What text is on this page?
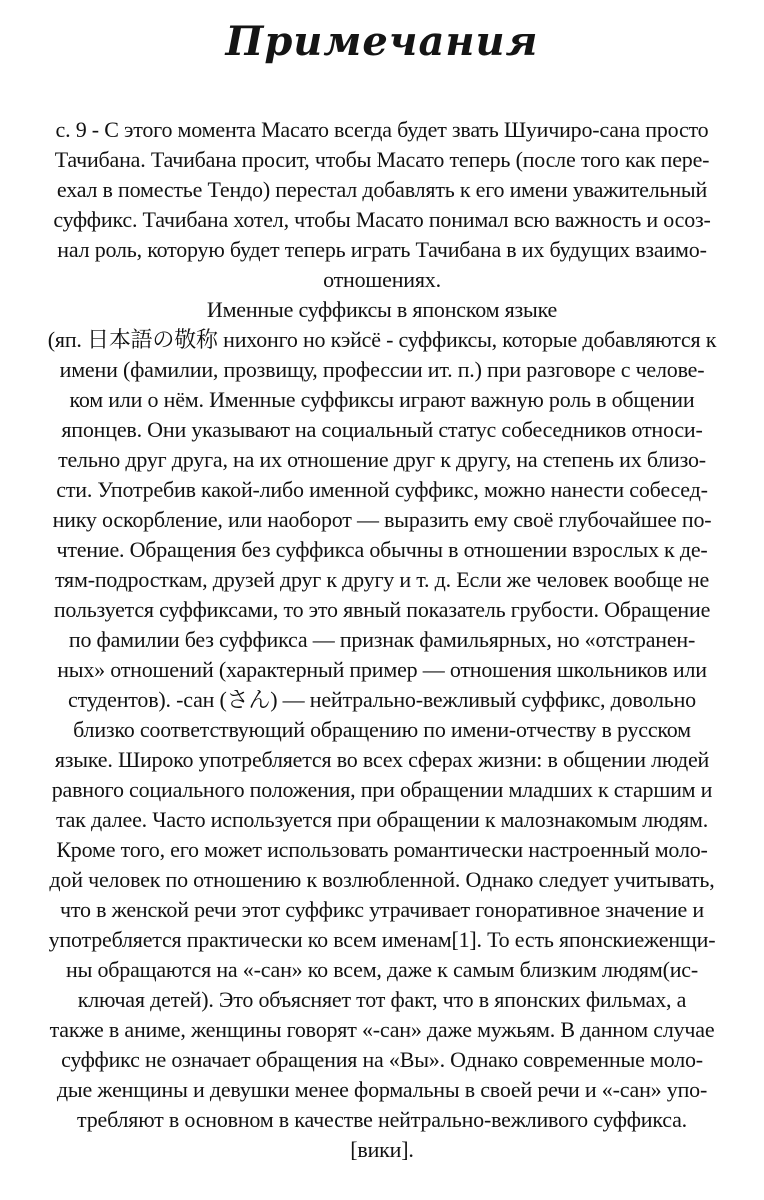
Примечания
с. 9 - С этого момента Масато всегда будет звать Шуичиро-сана просто
Тачибана. Тачибана просит, чтобы Масато теперь (после того как пере-
ехал в поместье Тендо) перестал добавлять к его имени уважительный
суффикс. Тачибана хотел, чтобы Масато понимал всю важность и осоз-
нал роль, которую будет теперь играть Тачибана в их будущих взаимо-
отношениях.
Именные суффиксы в японском языке
(яп. 日本語の敬称 нихонго но кэйсё - суффиксы, которые добавляются к
имени (фамилии, прозвищу, профессии ит. п.) при разговоре с челове-
ком или о нём. Именные суффиксы играют важную роль в общении
японцев. Они указывают на социальный статус собеседников относи-
тельно друг друга, на их отношение друг к другу, на степень их близо-
сти. Употребив какой-либо именной суффикс, можно нанести собесед-
нику оскорбление, или наоборот — выразить ему своё глубочайшее по-
чтение. Обращения без суффикса обычны в отношении взрослых к де-
тям-подросткам, друзей друг к другу и т. д. Если же человек вообще не
пользуется суффиксами, то это явный показатель грубости. Обращение
по фамилии без суффикса — признак фамильярных, но «отстранен-
ных» отношений (характерный пример — отношения школьников или
студентов). -сан (さん) — нейтрально-вежливый суффикс, довольно
близко соответствующий обращению по имени-отчеству в русском
языке. Широко употребляется во всех сферах жизни: в общении людей
равного социального положения, при обращении младших к старшим и
так далее. Часто используется при обращении к малознакомым людям.
Кроме того, его может использовать романтически настроенный моло-
дой человек по отношению к возлюбленной. Однако следует учитывать,
что в женской речи этот суффикс утрачивает гоноративное значение и
употребляется практически ко всем именам[1]. То есть японскиеженщи-
ны обращаются на «-сан» ко всем, даже к самым близким людям(ис-
ключая детей). Это объясняет тот факт, что в японских фильмах, а
также в аниме, женщины говорят «-сан» даже мужьям. В данном случае
суффикс не означает обращения на «Вы». Однако современные моло-
дые женщины и девушки менее формальны в своей речи и «-сан» упо-
требляют в основном в качестве нейтрально-вежливого суффикса.
[вики].
